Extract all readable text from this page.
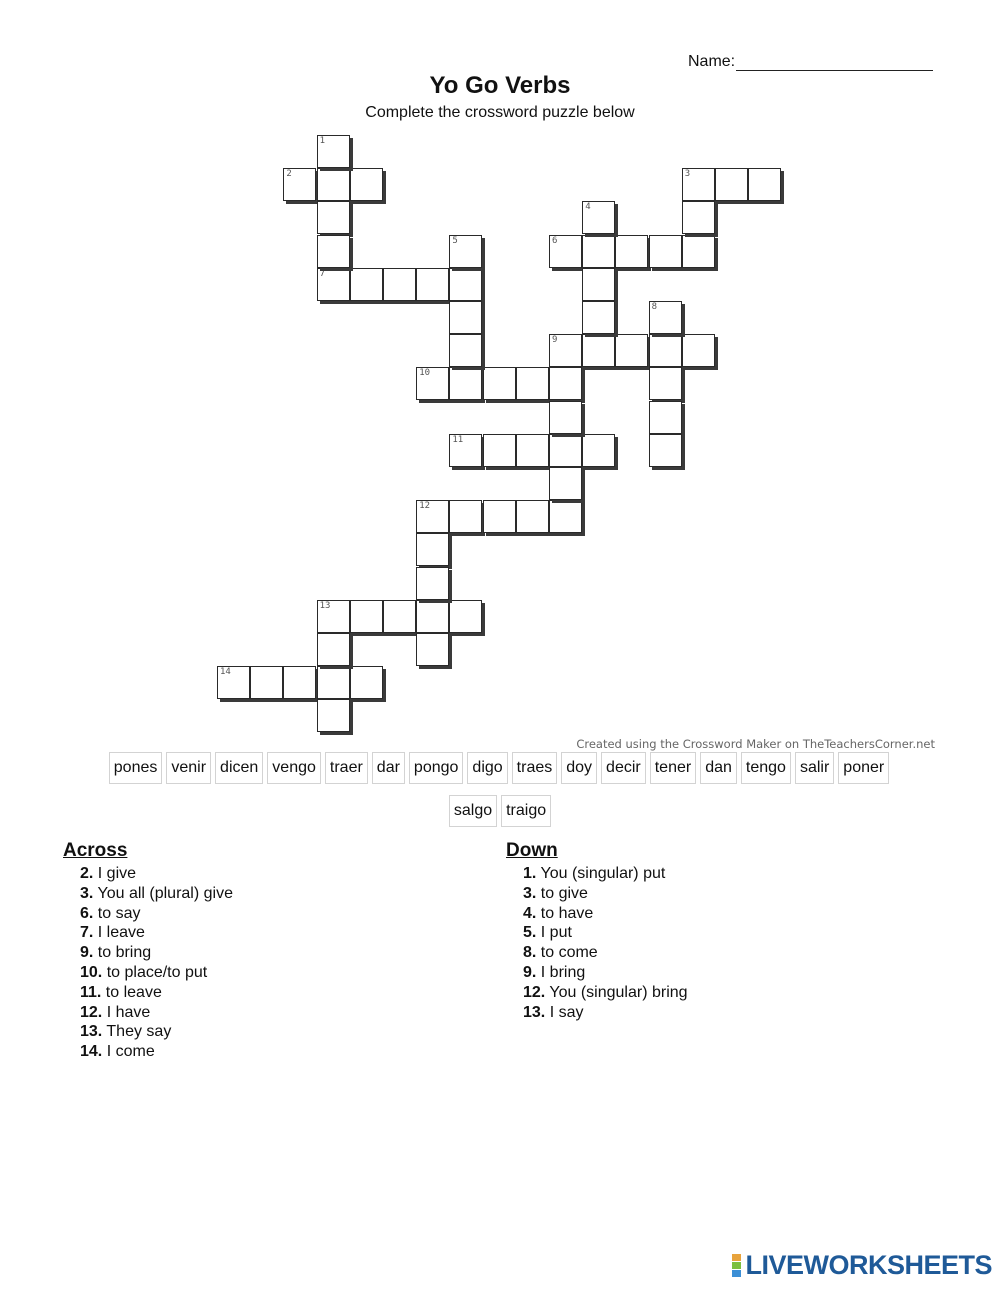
Name:
Yo Go Verbs
Complete the crossword puzzle below
2	3
6
7
9
10
11
12
13
14
1
4
5
8
Created using the Crossword Maker on TheTeachersCorner.net
pones venir dicen vengo traer dar pongo digo traes doy decir tener dan tengo salir poner
salgo traigo
Across
2. I give
3. You all (plural) give
6. to say
7. I leave
9. to bring
10. to place/to put
11. to leave
12. I have
13. They say
14. I come
Down
1. You (singular) put
3. to give
4. to have
5. I put
8. to come
9. I bring
12. You (singular) bring
13. I say
LIVEWORKSHEETS
